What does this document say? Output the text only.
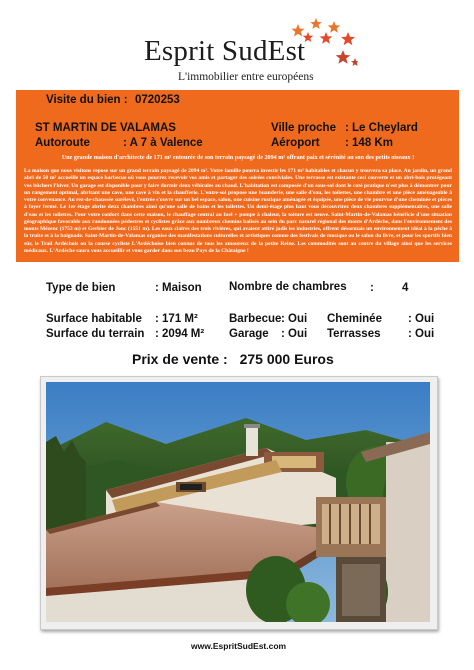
Esprit SudEst
L'immobilier entre européens
Visite du bien : 0720253
ST MARTIN DE VALAMAS
Autoroute	: A 7 à Valence
Ville proche : Le Cheylard
Aéroport : 148 Km
Une grande maison d'architecte de 171 m² entourée de son terrain paysagé de 2094 m² offrant paix et sérénité au son des petits oiseaux !
La maison que nous visitons repose sur un grand terrain paysagé de 2094 m². Votre famille pourra investir les 171 m² habitables et chacun y trouvera sa place. Au jardin, un grand abri de 50 m² accueille un espace barbecue où vous pourrez recevoir vos amis et partager des soirées conviviales. Une terrasse est existante ceci couverte et un abri-bois protégeant vos bûchers l'hiver. Un garage est disponible pour y faire dormir deux véhicules au chaud. L'habitation est composée d'un sous-sol dont le coté pratique n'est plus à démontrer pour un rangement optimal, abritant une cave, une cave à vin et la chaufferie. L'entre-sol propose une buanderie, une salle d'eau, les toilettes, une chambre et une pièce aménageable à votre convenance. Au rez-de-chaussée surélevé, l'entrée s'ouvre sur un bel espace, salon, une cuisine rustique aménagée et équipée, une pièce de vie pourvue d'une cheminée et pièces à foyer fermé. Le 1er étage abrite deux chambres ainsi qu'une salle de bains et les toilettes. Un demi-étage plus haut vous découvrirez deux chambres supplémentaires, une salle d'eau et les toilettes. Pour votre confort dans cette maison, le chauffage central au fuel + pompe à chaleur, la toiture est neuve. Saint-Martin-de-Valamas bénéficie d'une situation géographique favorable aux randonnées pédestres et cyclistes grâce aux nombreux chemins balisés au sein du parc naturel régional des monts d'Ardèche, dans l'environnement des monts Mézenc (1753 m) et Gerbier de Jonc (1551 m). Les eaux claires des trois rivières, qui avaient attiré jadis les industries, offrent désormais un environnement idéal à la pêche à la truite et à la baignade. Saint-Martin-de-Valamas organise des manifestations culturelles et artistiques comme des festivals de musique ou le salon du livre, et pour les sportifs bien sûr, le Trail Ardéchois ou la course cycliste L'Ardéchoise bien connus de tous les amoureux de la petite Reine. Les commodités sont au centre du village ainsi que les services médicaux. L'Ardèche saura vous accueillir et vous garder dans son beau Pays de la Châtaigne !
Type de bien	: Maison Nombre de chambres : 4
Surface habitable : 171 M²
Surface du terrain : 2094 M²
Barbecue : Oui Cheminée : Oui
Garage : Oui Terrasses : Oui
Prix de vente : 275 000 Euros
www.EspritSudEst.com
